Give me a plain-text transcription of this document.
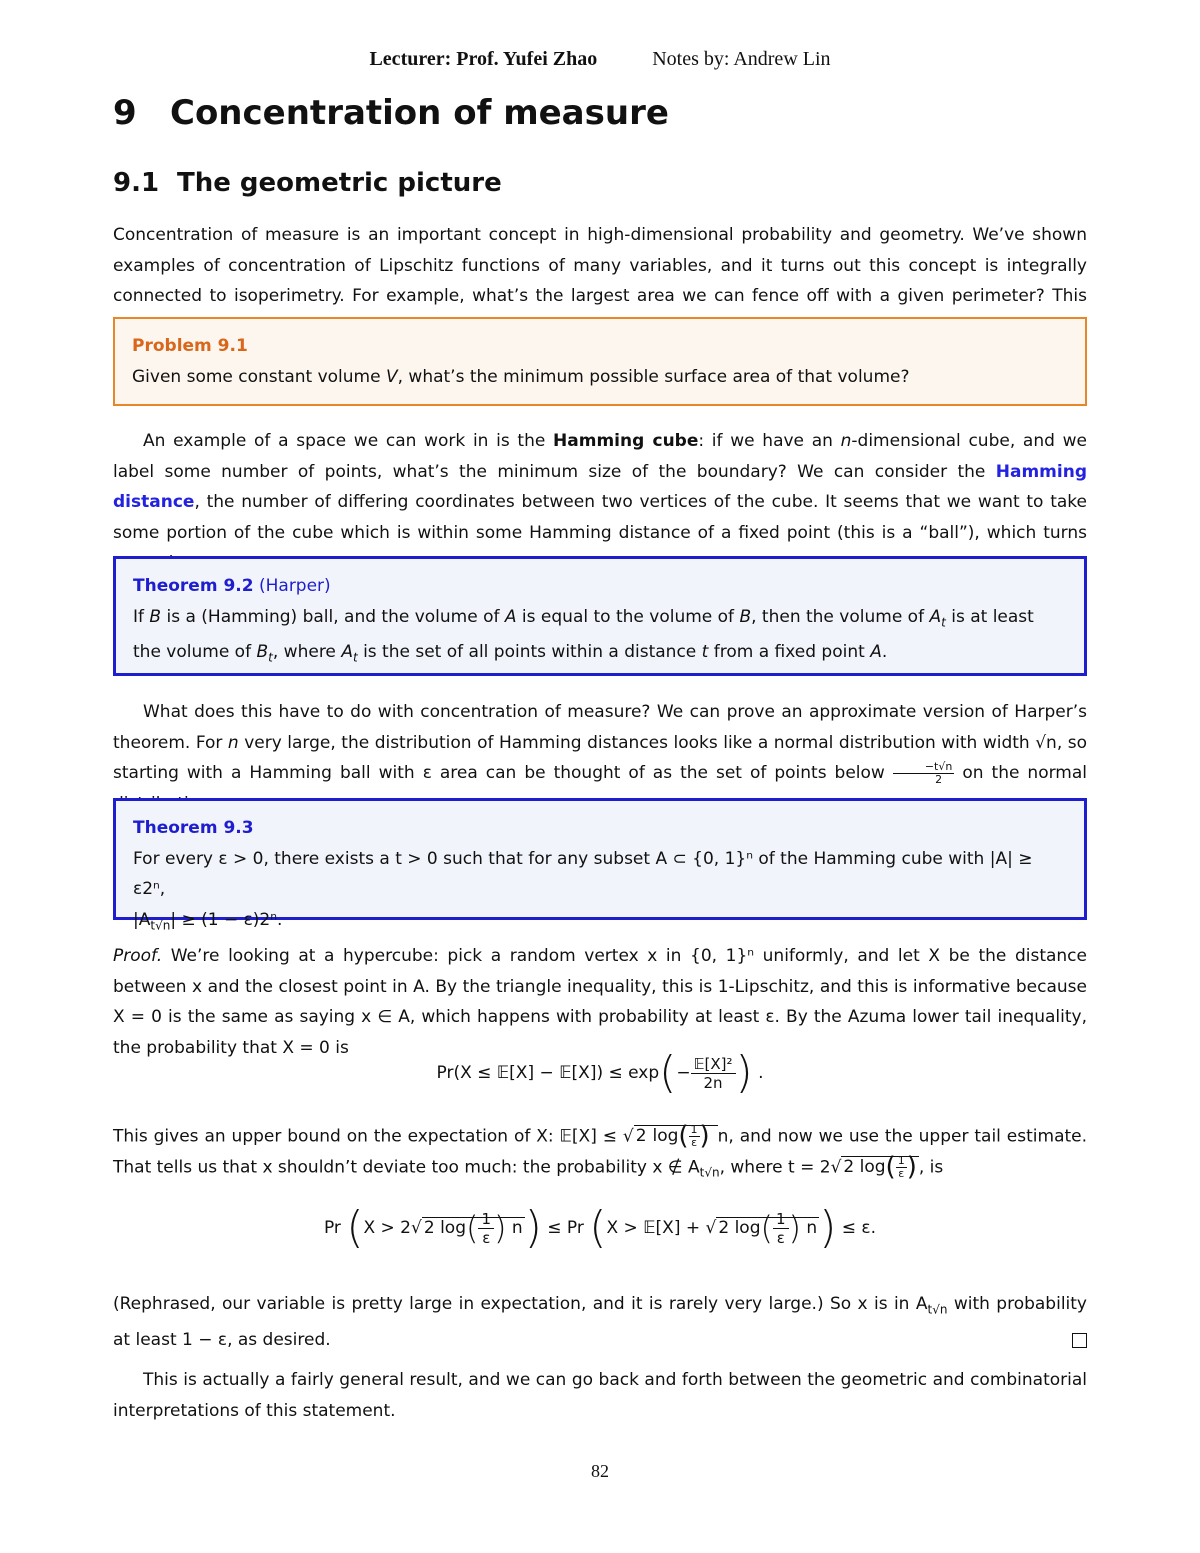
Lecturer: Prof. Yufei Zhao	Notes by: Andrew Lin
9 Concentration of measure
9.1 The geometric picture

Concentration of measure is an important concept in high-dimensional probability and geometry. We’ve shown examples of concentration of Lipschitz functions of many variables, and it turns out this concept is integrally connected to isoperimetry. For example, what’s the largest area we can fence off with a given perimeter? This

Problem 9.1
Given some constant volume V, what’s the minimum possible surface area of that volume?

An example of a space we can work in is the Hamming cube: if we have an n-dimensional cube, and we label some number of points, what’s the minimum size of the boundary? We can consider the Hamming distance, the number of differing coordinates between two vertices of the cube. It seems that we want to take some portion of the cube which is within some Hamming distance of a fixed point (this is a “ball”), which turns

Theorem 9.2 (Harper)
If B is a (Hamming) ball, and the volume of A is equal to the volume of B, then the volume of $A_t$ is at least the volume of $B_t$, where $A_t$ is the set of all points within a distance t from a fixed point A.

What does this have to do with concentration of measure? We can prove an approximate version of Harper’s theorem. For n very large, the distribution of Hamming distances looks like a normal distribution with width √n, so starting with a Hamming ball with ε area can be thought of as the set of points below $\frac{-t√n}{2}$ on the normal

Theorem 9.3
For every ε > 0, there exists a t > 0 such that for any subset A ⊂ {0, 1}ⁿ of the Hamming cube with |A| ≥ ε2ⁿ,
$|A_{t√n}| \ge (1 - \varepsilon)2^n$.

Proof. We’re looking at a hypercube: pick a random vertex x in {0, 1}ⁿ uniformly, and let X be the distance between x and the closest point in A. By the triangle inequality, this is 1-Lipschitz, and this is informative because X = 0 is the same as saying x ∈ A, which happens with probability at least ε. By the Azuma lower tail inequality, the probability that X = 0 is

Pr(X ≤ 𝔼[X] − 𝔼[X]) ≤ $\exp(- \frac{\text{𝔼[X]²}}{2n}$ ) .

This gives an upper bound on the expectation of X: 𝔼[X] ≤ √ 2 $\log( \frac{1}{\varepsilon}$ ) n, and now we use the upper tail estimate. That tells us that x shouldn’t deviate too much: the probability x ∉ $A_{t√n}$, where t = 2√ 2 $\log( \frac{1}{\varepsilon}$ ) , is

Pr (X > 2√ 2 $\log( \frac{1}{\varepsilon}$ ) n) ≤ Pr (X > 𝔼[X] + √ 2 $\log( \frac{1}{\varepsilon}$ ) n) ≤ ε.

(Rephrased, our variable is pretty large in expectation, and it is rarely very large.) So x is in $A_{t√n}$ with probability at least 1 − ε, as desired.

This is actually a fairly general result, and we can go back and forth between the geometric and combinatorial interpretations of this statement.

82
